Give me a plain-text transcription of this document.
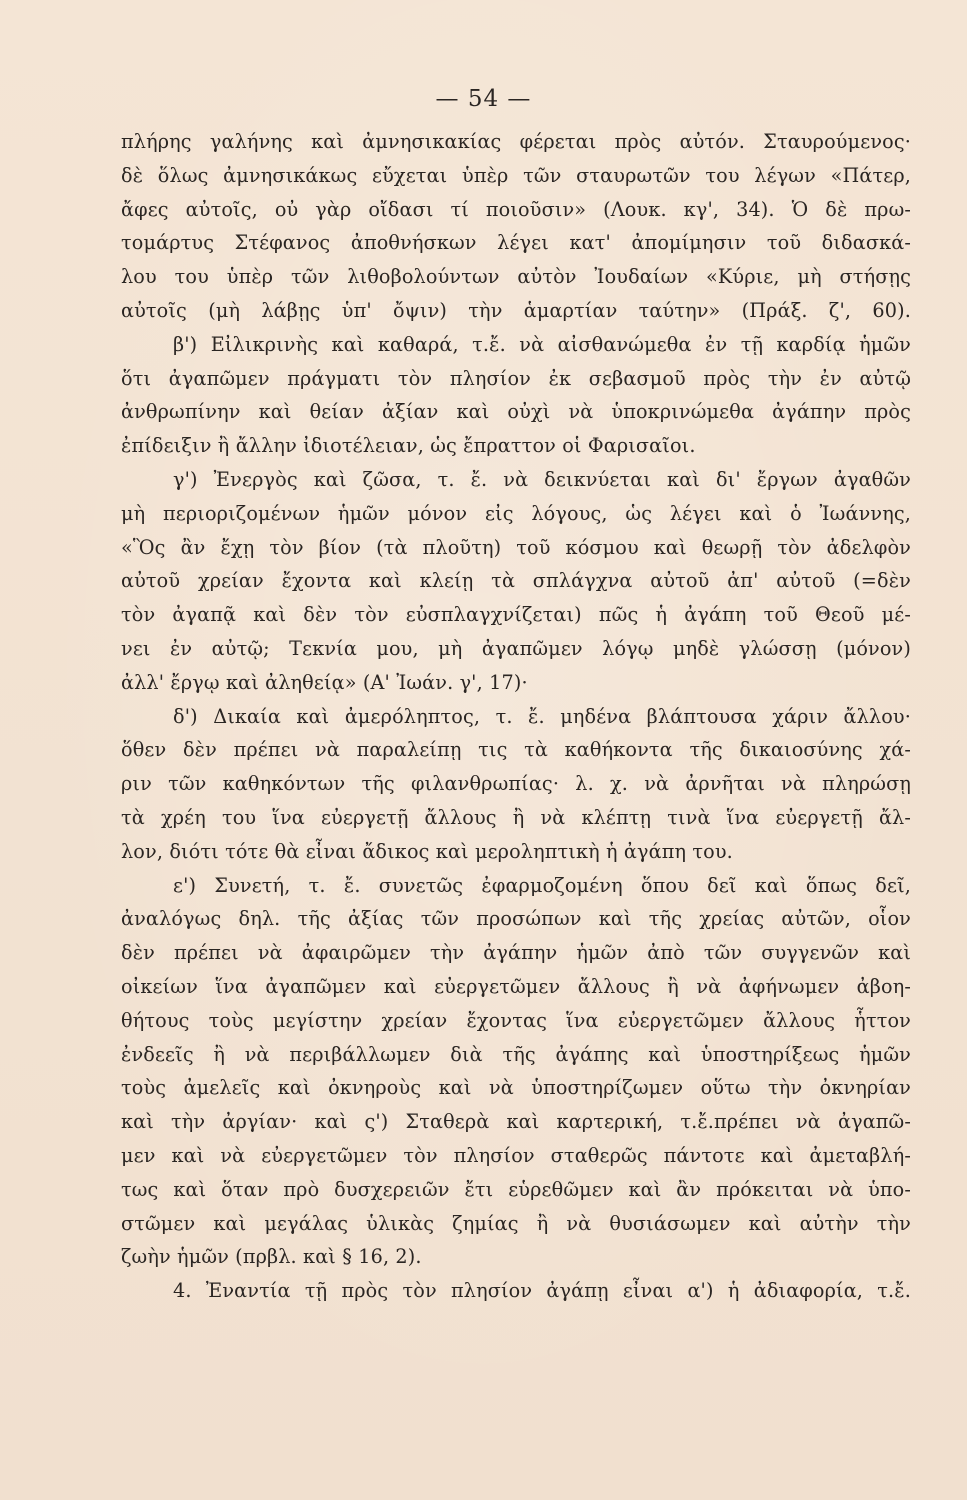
— 54 —
πλήρης γαλήνης καὶ ἀμνησικακίας φέρεται πρὸς αὐτόν. Σταυρούμενος·
δὲ ὅλως ἀμνησικάκως εὔχεται ὑπὲρ τῶν σταυρωτῶν του λέγων «Πάτερ,
ἄφες αὐτοῖς, οὐ γὰρ οἴδασι τί ποιοῦσιν» (Λουκ. κγ', 34). Ὁ δὲ πρω-
τομάρτυς Στέφανος ἀποθνήσκων λέγει κατ' ἀπομίμησιν τοῦ διδασκά-
λου του ὑπὲρ τῶν λιθοβολούντων αὐτὸν Ἰουδαίων «Κύριε, μὴ στήσῃς
αὐτοῖς (μὴ λάβῃς ὑπ' ὄψιν) τὴν ἁμαρτίαν ταύτην» (Πράξ. ζ', 60).
β') Εἰλικρινὴς καὶ καθαρά, τ.ἔ. νὰ αἰσθανώμεθα ἐν τῇ καρδίᾳ ἡμῶν
ὅτι ἀγαπῶμεν πράγματι τὸν πλησίον ἐκ σεβασμοῦ πρὸς τὴν ἐν αὐτῷ
ἀνθρωπίνην καὶ θείαν ἀξίαν καὶ οὐχὶ νὰ ὑποκρινώμεθα ἀγάπην πρὸς
ἐπίδειξιν ἢ ἄλλην ἰδιοτέλειαν, ὡς ἔπραττον οἱ Φαρισαῖοι.
γ') Ἐνεργὸς καὶ ζῶσα, τ. ἔ. νὰ δεικνύεται καὶ δι' ἔργων ἀγαθῶν
μὴ περιοριζομένων ἡμῶν μόνον εἰς λόγους, ὡς λέγει καὶ ὁ Ἰωάννης,
«Ὃς ἂν ἔχῃ τὸν βίον (τὰ πλοῦτη) τοῦ κόσμου καὶ θεωρῇ τὸν ἀδελφὸν
αὐτοῦ χρείαν ἔχοντα καὶ κλείῃ τὰ σπλάγχνα αὐτοῦ ἀπ' αὐτοῦ (=δὲν
τὸν ἀγαπᾷ καὶ δὲν τὸν εὐσπλαγχνίζεται) πῶς ἡ ἀγάπη τοῦ Θεοῦ μέ-
νει ἐν αὐτῷ; Τεκνία μου, μὴ ἀγαπῶμεν λόγῳ μηδὲ γλώσσῃ (μόνον)
ἀλλ' ἔργῳ καὶ ἀληθείᾳ» (Α' Ἰωάν. γ', 17)·
δ') Δικαία καὶ ἀμερόληπτος, τ. ἔ. μηδένα βλάπτουσα χάριν ἄλλου·
ὅθεν δὲν πρέπει νὰ παραλείπῃ τις τὰ καθήκοντα τῆς δικαιοσύνης χά-
ριν τῶν καθηκόντων τῆς φιλανθρωπίας· λ. χ. νὰ ἀρνῆται νὰ πληρώσῃ
τὰ χρέη του ἵνα εὐεργετῇ ἄλλους ἢ νὰ κλέπτῃ τινὰ ἵνα εὐεργετῇ ἄλ-
λον, διότι τότε θὰ εἶναι ἄδικος καὶ μεροληπτικὴ ἡ ἀγάπη του.
ε') Συνετή, τ. ἔ. συνετῶς ἐφαρμοζομένη ὅπου δεῖ καὶ ὅπως δεῖ,
ἀναλόγως δηλ. τῆς ἀξίας τῶν προσώπων καὶ τῆς χρείας αὐτῶν, οἷον
δὲν πρέπει νὰ ἀφαιρῶμεν τὴν ἀγάπην ἡμῶν ἀπὸ τῶν συγγενῶν καὶ
οἰκείων ἵνα ἀγαπῶμεν καὶ εὐεργετῶμεν ἄλλους ἢ νὰ ἀφήνωμεν ἀβοη-
θήτους τοὺς μεγίστην χρείαν ἔχοντας ἵνα εὐεργετῶμεν ἄλλους ἧττον
ἐνδεεῖς ἢ νὰ περιβάλλωμεν διὰ τῆς ἀγάπης καὶ ὑποστηρίξεως ἡμῶν
τοὺς ἀμελεῖς καὶ ὀκνηροὺς καὶ νὰ ὑποστηρίζωμεν οὕτω τὴν ὀκνηρίαν
καὶ τὴν ἀργίαν· καὶ ς') Σταθερὰ καὶ καρτερική, τ.ἔ.πρέπει νὰ ἀγαπῶ-
μεν καὶ νὰ εὐεργετῶμεν τὸν πλησίον σταθερῶς πάντοτε καὶ ἀμεταβλή-
τως καὶ ὅταν πρὸ δυσχερειῶν ἔτι εὑρεθῶμεν καὶ ἂν πρόκειται νὰ ὑπο-
στῶμεν καὶ μεγάλας ὑλικὰς ζημίας ἢ νὰ θυσιάσωμεν καὶ αὐτὴν τὴν
ζωὴν ἡμῶν (πρβλ. καὶ § 16, 2).
4. Ἐναντία τῇ πρὸς τὸν πλησίον ἀγάπῃ εἶναι α') ἡ ἀδιαφορία, τ.ἔ.
